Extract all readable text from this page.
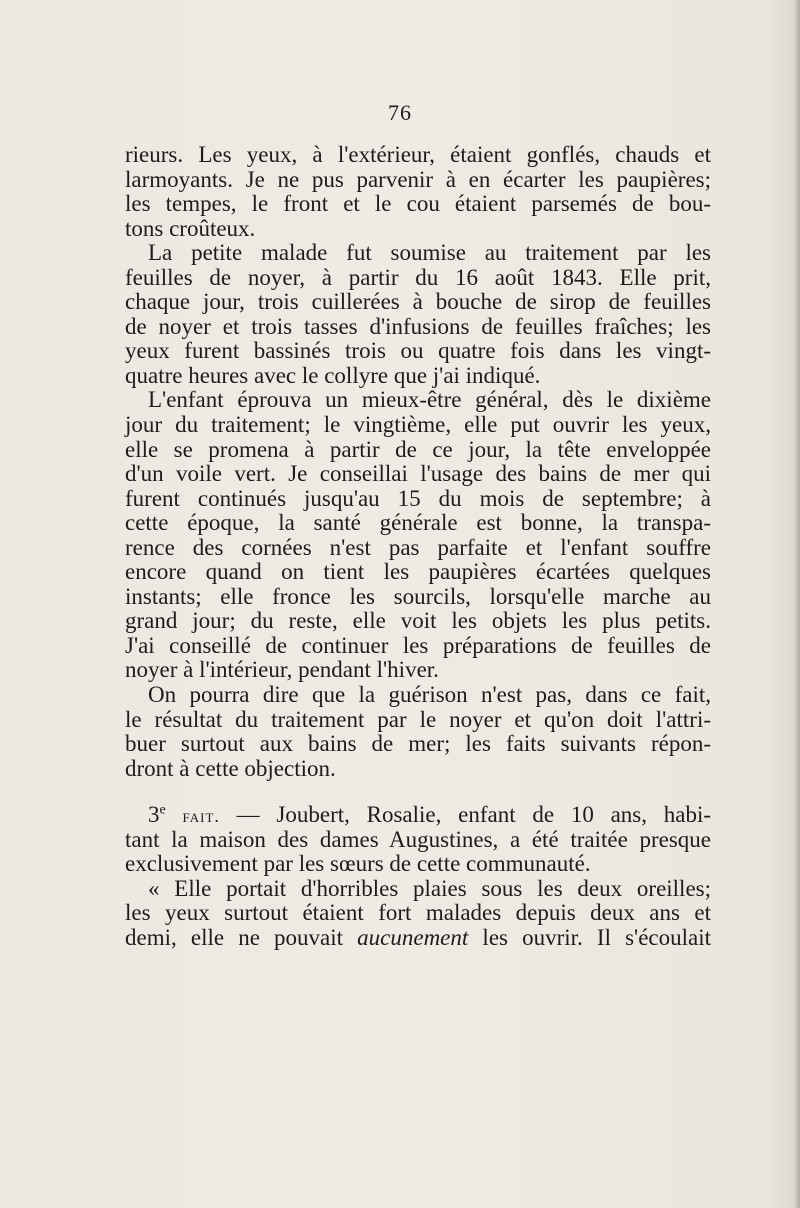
76
rieurs. Les yeux, à l'extérieur, étaient gonflés, chauds et
larmoyants. Je ne pus parvenir à en écarter les paupières;
les tempes, le front et le cou étaient parsemés de bou-
tons croûteux.
La petite malade fut soumise au traitement par les
feuilles de noyer, à partir du 16 août 1843. Elle prit,
chaque jour, trois cuillerées à bouche de sirop de feuilles
de noyer et trois tasses d'infusions de feuilles fraîches; les
yeux furent bassinés trois ou quatre fois dans les vingt-
quatre heures avec le collyre que j'ai indiqué.
L'enfant éprouva un mieux-être général, dès le dixième
jour du traitement; le vingtième, elle put ouvrir les yeux,
elle se promena à partir de ce jour, la tête enveloppée
d'un voile vert. Je conseillai l'usage des bains de mer qui
furent continués jusqu'au 15 du mois de septembre; à
cette époque, la santé générale est bonne, la transpa-
rence des cornées n'est pas parfaite et l'enfant souffre
encore quand on tient les paupières écartées quelques
instants; elle fronce les sourcils, lorsqu'elle marche au
grand jour; du reste, elle voit les objets les plus petits.
J'ai conseillé de continuer les préparations de feuilles de
noyer à l'intérieur, pendant l'hiver.
On pourra dire que la guérison n'est pas, dans ce fait,
le résultat du traitement par le noyer et qu'on doit l'attri-
buer surtout aux bains de mer; les faits suivants répon-
dront à cette objection.
3e fait. — Joubert, Rosalie, enfant de 10 ans, habi-
tant la maison des dames Augustines, a été traitée presque
exclusivement par les sœurs de cette communauté.
« Elle portait d'horribles plaies sous les deux oreilles;
les yeux surtout étaient fort malades depuis deux ans et
demi, elle ne pouvait aucunement les ouvrir. Il s'écoulait
